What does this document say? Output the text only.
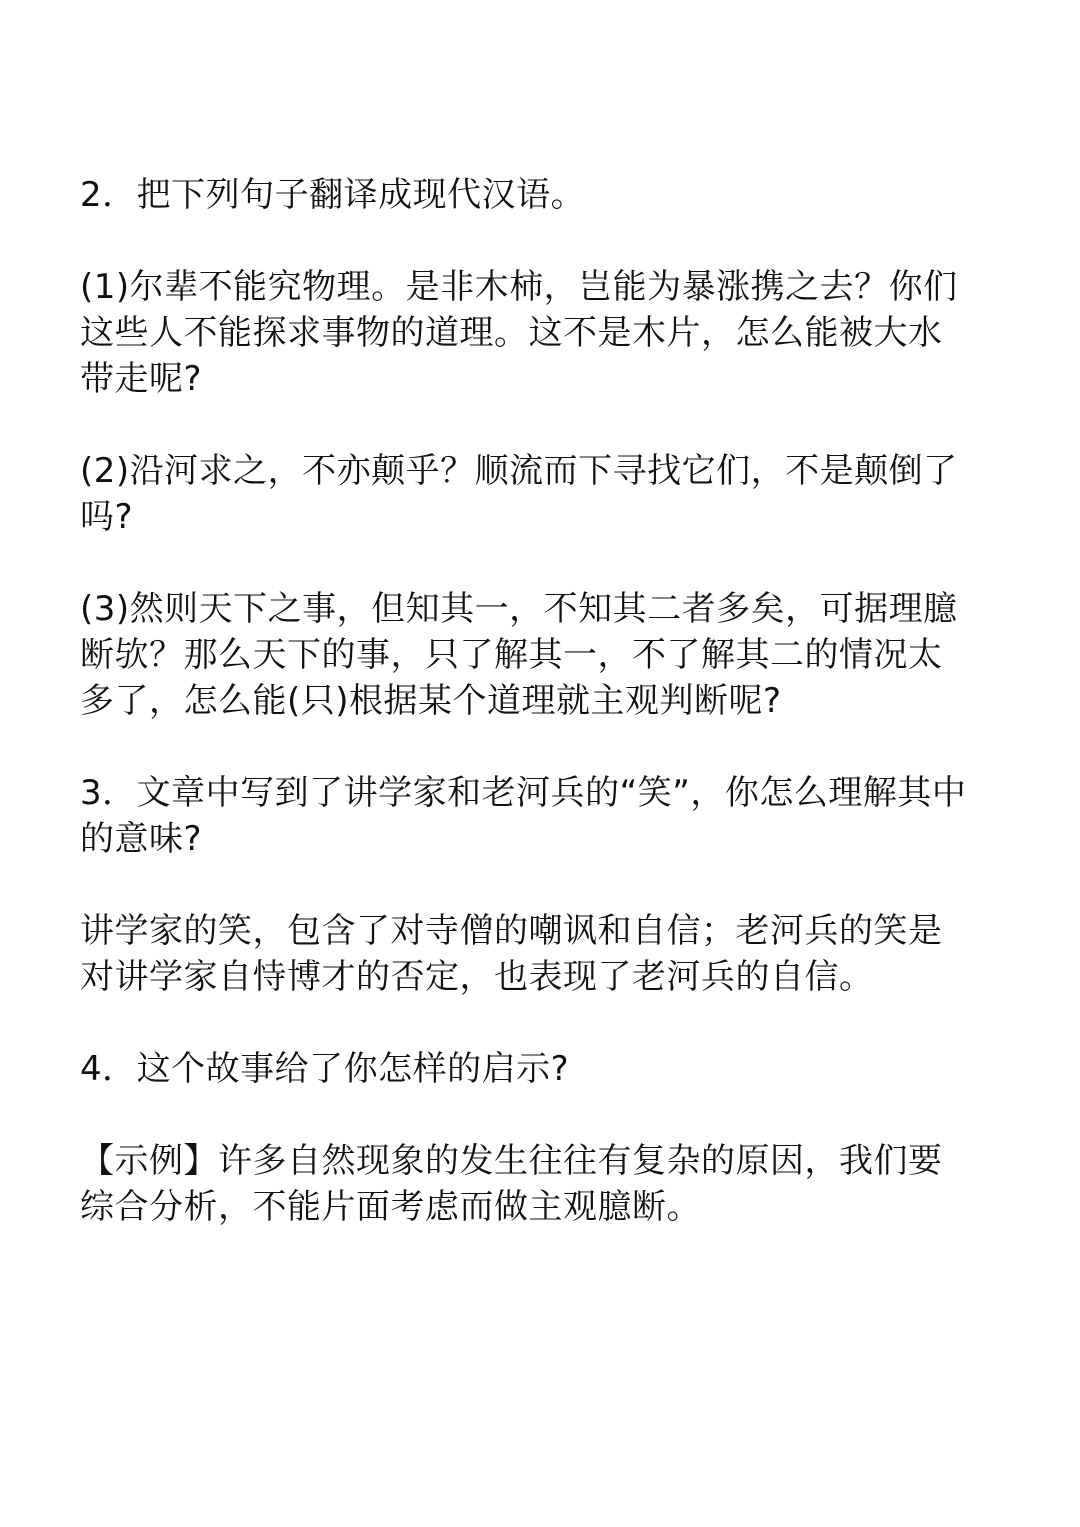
2．把下列句子翻译成现代汉语。
(1)尔辈不能究物理。是非木柿，岂能为暴涨携之去？你们
这些人不能探求事物的道理。这不是木片，怎么能被大水
带走呢?
(2)沿河求之，不亦颠乎？顺流而下寻找它们，不是颠倒了
吗?
(3)然则天下之事，但知其一，不知其二者多矣，可据理臆
断欤？那么天下的事，只了解其一，不了解其二的情况太
多了，怎么能(只)根据某个道理就主观判断呢?
3．文章中写到了讲学家和老河兵的“笑”，你怎么理解其中
的意味?
讲学家的笑，包含了对寺僧的嘲讽和自信；老河兵的笑是
对讲学家自恃博才的否定，也表现了老河兵的自信。
4．这个故事给了你怎样的启示?
【示例】许多自然现象的发生往往有复杂的原因，我们要
综合分析，不能片面考虑而做主观臆断。
